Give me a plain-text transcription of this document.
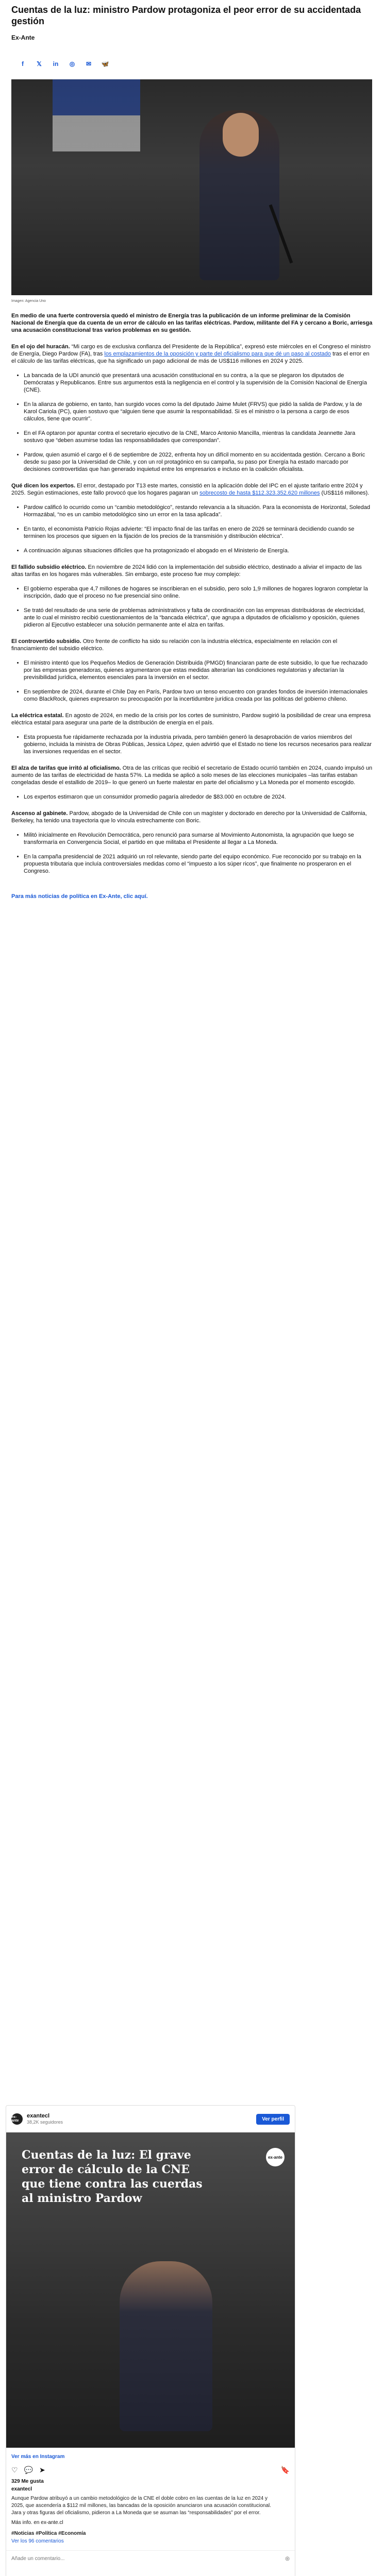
Cuentas de la luz: ministro Pardow protagoniza el peor error de su accidentada gestión
Ex-Ante
f	𝕏 in ◎ ✉ 🦋
Imagen: Agencia Uno

En medio de una fuerte controversia quedó el ministro de Energía tras la publicación de un informe preliminar de la Comisión Nacional de Energía que da cuenta de un error de cálculo en las tarifas eléctricas. Pardow, militante del FA y cercano a Boric, arriesga una acusación constitucional tras varios problemas en su gestión.

En el ojo del huracán. “Mi cargo es de exclusiva confianza del Presidente de la República”, expresó este miércoles en el Congreso el ministro de Energía, Diego Pardow (FA), tras los emplazamientos de la oposición y parte del oficialismo para que dé un paso al costado tras el error en el cálculo de las tarifas eléctricas, que ha significado un pago adicional de más de US$116 millones en 2024 y 2025.

• La bancada de la UDI anunció que presentará una acusación constitucional en su contra, a la que se plegaron los diputados de Demócratas y Republicanos. Entre sus argumentos está la negligencia en el control y la supervisión de la Comisión Nacional de Energía (CNE).
• En la alianza de gobierno, en tanto, han surgido voces como la del diputado Jaime Mulet (FRVS) que pidió la salida de Pardow, y la de Karol Cariola (PC), quien sostuvo que “alguien tiene que asumir la responsabilidad. Si es el ministro o la persona a cargo de esos cálculos, tiene que ocurrir”.
• En el FA optaron por apuntar contra el secretario ejecutivo de la CNE, Marco Antonio Mancilla, mientras la candidata Jeannette Jara sostuvo que “deben asumirse todas las responsabilidades que correspondan”.
• Pardow, quien asumió el cargo el 6 de septiembre de 2022, enfrenta hoy un difícil momento en su accidentada gestión. Cercano a Boric desde su paso por la Universidad de Chile, y con un rol protagónico en su campaña, su paso por Energía ha estado marcado por decisiones controvertidas que han generado inquietud entre los empresarios e incluso en la coalición oficialista.

Qué dicen los expertos. El error, destapado por T13 este martes, consistió en la aplicación doble del IPC en el ajuste tarifario entre 2024 y 2025. Según estimaciones, este fallo provocó que los hogares pagaran un sobrecosto de hasta $112.323.352.620 millones (US$116 millones).

• Pardow calificó lo ocurrido como un “cambio metodológico”, restando relevancia a la situación. Para la economista de Horizontal, Soledad Hormazábal, “no es un cambio metodológico sino un error en la tasa aplicada”.
• En tanto, el economista Patricio Rojas advierte: “El impacto final de las tarifas en enero de 2026 se terminará decidiendo cuando se terminen los procesos que siguen en la fijación de los precios de la transmisión y distribución eléctrica”.
• A continuación algunas situaciones difíciles que ha protagonizado el abogado en el Ministerio de Energía.

El fallido subsidio eléctrico. En noviembre de 2024 lidió con la implementación del subsidio eléctrico, destinado a aliviar el impacto de las altas tarifas en los hogares más vulnerables. Sin embargo, este proceso fue muy complejo:

• El gobierno esperaba que 4,7 millones de hogares se inscribieran en el subsidio, pero solo 1,9 millones de hogares lograron completar la inscripción, dado que el proceso no fue presencial sino online.
• Se trató del resultado de una serie de problemas administrativos y falta de coordinación con las empresas distribuidoras de electricidad, ante lo cual el ministro recibió cuestionamientos de la “bancada eléctrica”, que agrupa a diputados de oficialismo y oposición, quienes pidieron al Ejecutivo establecer una solución permanente ante el alza en tarifas.

El controvertido subsidio. Otro frente de conflicto ha sido su relación con la industria eléctrica, especialmente en relación con el financiamiento del subsidio eléctrico.

• El ministro intentó que los Pequeños Medios de Generación Distribuida (PMGD) financiaran parte de este subsidio, lo que fue rechazado por las empresas generadoras, quienes argumentaron que estas medidas alterarían las condiciones regulatorias y afectarían la previsibilidad jurídica, elementos esenciales para la inversión en el sector.
• En septiembre de 2024, durante el Chile Day en París, Pardow tuvo un tenso encuentro con grandes fondos de inversión internacionales como BlackRock, quienes expresaron su preocupación por la incertidumbre jurídica creada por las políticas del gobierno chileno.

La eléctrica estatal. En agosto de 2024, en medio de la crisis por los cortes de suministro, Pardow sugirió la posibilidad de crear una empresa eléctrica estatal para asegurar una parte de la distribución de energía en el país.

• Esta propuesta fue rápidamente rechazada por la industria privada, pero también generó la desaprobación de varios miembros del gobierno, incluida la ministra de Obras Públicas, Jessica López, quien advirtió que el Estado no tiene los recursos necesarios para realizar las inversiones requeridas en el sector.

El alza de tarifas que irritó al oficialismo. Otra de las críticas que recibió el secretario de Estado ocurrió también en 2024, cuando impulsó un aumento de las tarifas de electricidad de hasta 57%. La medida se aplicó a solo meses de las elecciones municipales –las tarifas estaban congeladas desde el estallido de 2019– lo que generó un fuerte malestar en parte del oficialismo y La Moneda por el momento escogido.

• Los expertos estimaron que un consumidor promedio pagaría alrededor de $83.000 en octubre de 2024.

Ascenso al gabinete. Pardow, abogado de la Universidad de Chile con un magíster y doctorado en derecho por la Universidad de California, Berkeley, ha tenido una trayectoria que lo vincula estrechamente con Boric.

• Militó inicialmente en Revolución Democrática, pero renunció para sumarse al Movimiento Autonomista, la agrupación que luego se transformaría en Convergencia Social, el partido en que militaba el Presidente al llegar a La Moneda.
• En la campaña presidencial de 2021 adquirió un rol relevante, siendo parte del equipo económico. Fue reconocido por su trabajo en la propuesta tributaria que incluía controversiales medidas como el “impuesto a los súper ricos”, que finalmente no prosperaron en el Congreso.
Para más noticias de política en Ex-Ante, clic aquí.
ex-ante
exantecl
38,2K seguidores
Ver perfil
Cuentas de la luz: El grave
error de cálculo de la CNE
que tiene contra las cuerdas
al ministro Pardow
ex-ante
Ver más en Instagram
♡ 💬 ➤	🔖
329 Me gusta
exantecl
Aunque Pardow atribuyó a un cambio metodológico de la CNE el doble cobro en las cuentas de la luz en 2024 y 2025, que ascendería a $112 mil millones, las bancadas de la oposición anunciaron una acusación constitucional. Jara y otras figuras del oficialismo, pidieron a La Moneda que se asuman las “responsabilidades” por el error.
Más info. en ex-ante.cl
#Noticias #Política #Economía
Ver los 96 comentarios
Añade un comentario...	◎
